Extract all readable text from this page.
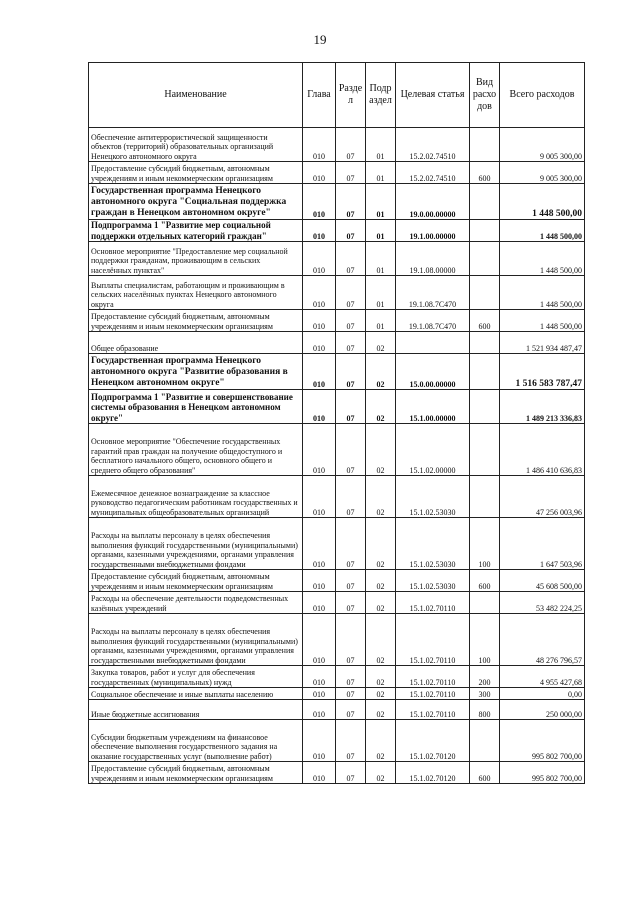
19
Наименование	Глава	Разде л	Подр аздел	Целевая статья	Вид расхо дов	Всего расходов
Обеспечение антитеррористической защищенности объектов (территорий) образовательных организаций Ненецкого автономного округа	010	07	01	15.2.02.74510		9 005 300,00
Предоставление субсидий бюджетным, автономным учреждениям и иным некоммерческим организациям	010	07	01	15.2.02.74510	600	9 005 300,00
Государственная программа Ненецкого автономного округа "Социальная поддержка граждан в Ненецком автономном округе"	010	07	01	19.0.00.00000		1 448 500,00
Подпрограмма 1 "Развитие мер социальной поддержки отдельных категорий граждан"	010	07	01	19.1.00.00000		1 448 500,00
Основное мероприятие "Предоставление мер социальной поддержки гражданам, проживающим в сельских населённых пунктах"	010	07	01	19.1.08.00000		1 448 500,00
Выплаты специалистам, работающим и проживающим в сельских населённых пунктах Ненецкого автономного округа	010	07	01	19.1.08.7C470		1 448 500,00
Предоставление субсидий бюджетным, автономным учреждениям и иным некоммерческим организациям	010	07	01	19.1.08.7C470	600	1 448 500,00
Общее образование	010	07	02			1 521 934 487,47
Государственная программа Ненецкого автономного округа "Развитие образования в Ненецком автономном округе"	010	07	02	15.0.00.00000		1 516 583 787,47
Подпрограмма 1 "Развитие и совершенствование системы образования в Ненецком автономном округе"	010	07	02	15.1.00.00000		1 489 213 336,83
Основное мероприятие "Обеспечение государственных гарантий прав граждан на получение общедоступного и бесплатного начального общего, основного общего и среднего общего образования"	010	07	02	15.1.02.00000		1 486 410 636,83
Ежемесячное денежное вознаграждение за классное руководство педагогическим работникам государственных и муниципальных общеобразовательных организаций	010	07	02	15.1.02.53030		47 256 003,96
Расходы на выплаты персоналу в целях обеспечения выполнения функций государственными (муниципальными) органами, казенными учреждениями, органами управления государственными внебюджетными фондами	010	07	02	15.1.02.53030	100	1 647 503,96
Предоставление субсидий бюджетным, автономным учреждениям и иным некоммерческим организациям	010	07	02	15.1.02.53030	600	45 608 500,00
Расходы на обеспечение деятельности подведомственных казённых учреждений	010	07	02	15.1.02.70110		53 482 224,25
Расходы на выплаты персоналу в целях обеспечения выполнения функций государственными (муниципальными) органами, казенными учреждениями, органами управления государственными внебюджетными фондами	010	07	02	15.1.02.70110	100	48 276 796,57
Закупка товаров, работ и услуг для обеспечения государственных (муниципальных) нужд	010	07	02	15.1.02.70110	200	4 955 427,68
Социальное обеспечение и иные выплаты населению	010	07	02	15.1.02.70110	300	0,00
Иные бюджетные ассигнования	010	07	02	15.1.02.70110	800	250 000,00
Субсидии бюджетным учреждениям на финансовое обеспечение выполнения государственного задания на оказание государственных услуг (выполнение работ)	010	07	02	15.1.02.70120		995 802 700,00
Предоставление субсидий бюджетным, автономным учреждениям и иным некоммерческим организациям	010	07	02	15.1.02.70120	600	995 802 700,00
